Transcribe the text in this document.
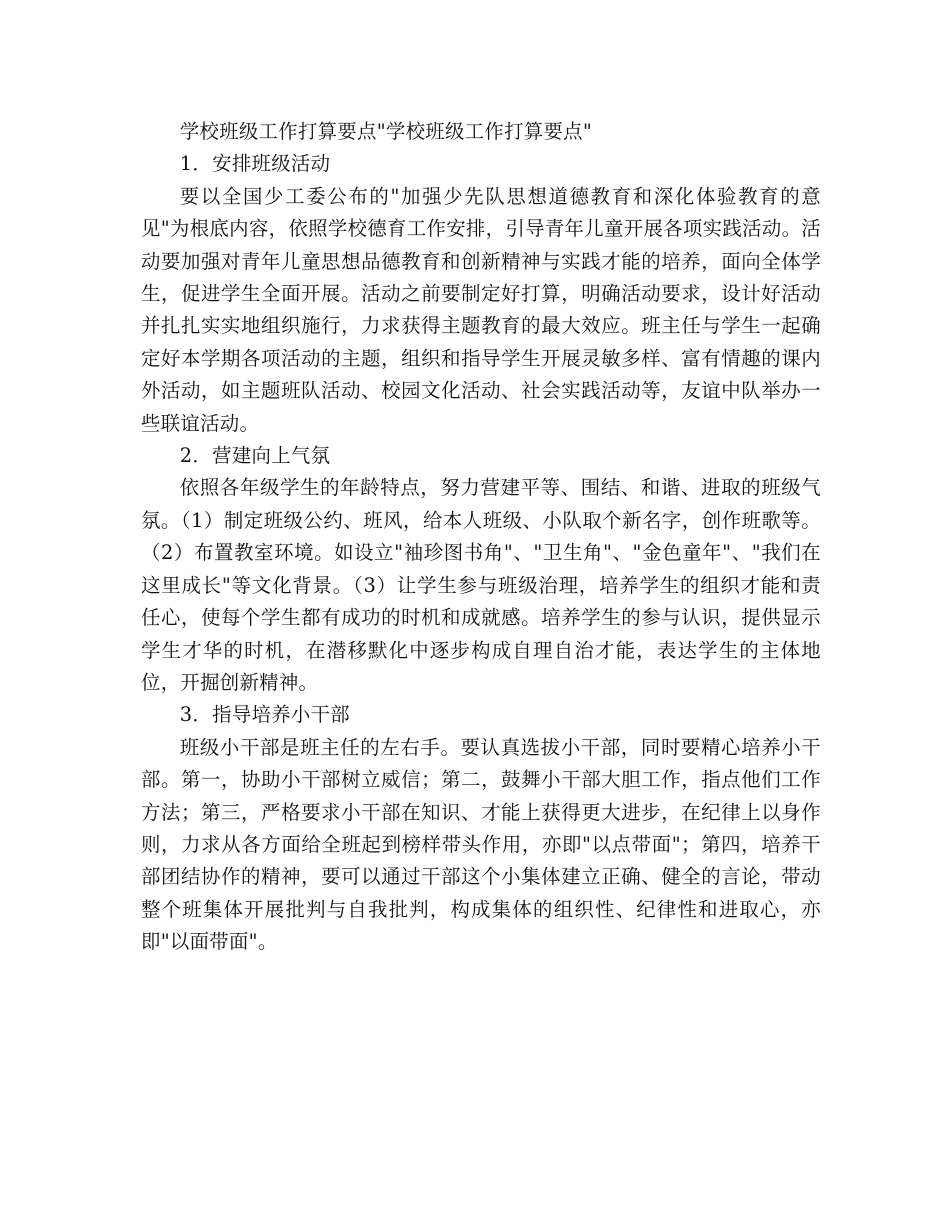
学校班级工作打算要点"学校班级工作打算要点"

1．安排班级活动

要以全国少工委公布的"加强少先队思想道德教育和深化体验教育的意见"为根底内容，依照学校德育工作安排，引导青年儿童开展各项实践活动。活动要加强对青年儿童思想品德教育和创新精神与实践才能的培养，面向全体学生，促进学生全面开展。活动之前要制定好打算，明确活动要求，设计好活动并扎扎实实地组织施行，力求获得主题教育的最大效应。班主任与学生一起确定好本学期各项活动的主题，组织和指导学生开展灵敏多样、富有情趣的课内外活动，如主题班队活动、校园文化活动、社会实践活动等，友谊中队举办一些联谊活动。

2．营建向上气氛

依照各年级学生的年龄特点，努力营建平等、围结、和谐、进取的班级气氛。（1）制定班级公约、班风，给本人班级、小队取个新名字，创作班歌等。（2）布置教室环境。如设立"袖珍图书角"、"卫生角"、"金色童年"、"我们在这里成长"等文化背景。（3）让学生参与班级治理，培养学生的组织才能和责任心，使每个学生都有成功的时机和成就感。培养学生的参与认识，提供显示学生才华的时机，在潜移默化中逐步构成自理自治才能，表达学生的主体地位，开掘创新精神。

3．指导培养小干部

班级小干部是班主任的左右手。要认真选拔小干部，同时要精心培养小干部。第一，协助小干部树立威信；第二，鼓舞小干部大胆工作，指点他们工作方法；第三，严格要求小干部在知识、才能上获得更大进步，在纪律上以身作则，力求从各方面给全班起到榜样带头作用，亦即"以点带面"；第四，培养干部团结协作的精神，要可以通过干部这个小集体建立正确、健全的言论，带动整个班集体开展批判与自我批判，构成集体的组织性、纪律性和进取心，亦即"以面带面"。
